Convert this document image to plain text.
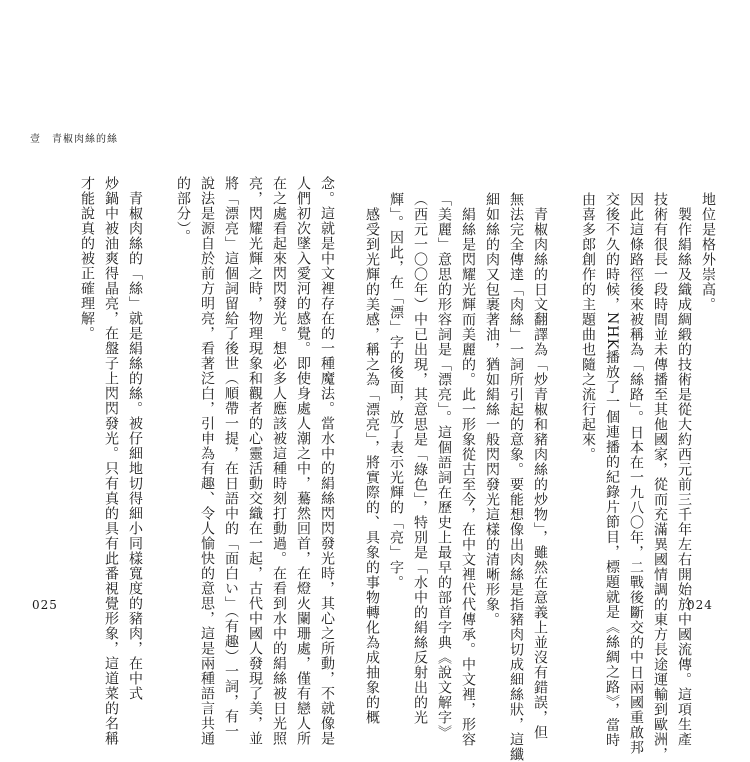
壹　青椒肉絲的絲
念。這就是中文裡存在的一種魔法。當水中的絹絲閃閃發光時，其心之所動，不就像是
人們初次墜入愛河的感覺。即使身處人潮之中，驀然回首，在燈火闌珊處，僅有戀人所
在之處看起來閃閃發光。想必多人應該被這種時刻打動過。在看到水中的絹絲被日光照
亮，閃耀光輝之時，物理現象和觀者的心靈活動交織在一起，古代中國人發現了美，並
將「漂亮」這個詞留給了後世（順帶一提，在日語中的「面白い」（有趣）一詞，有一
說法是源自於前方明亮，看著泛白，引申為有趣、令人愉快的意思，這是兩種語言共通
的部分）。
　青椒肉絲的「絲」就是絹絲的絲。被仔細地切得細小同樣寬度的豬肉，在中式
炒鍋中被油爽得晶亮，在盤子上閃閃發光。只有真的具有此番視覺形象，這道菜的名稱
才能說真的被正確理解。
025
地位是格外崇高。
　製作絹絲及織成綢緞的技術是從大約西元前三千年左右開始於中國流傳。這項生產
技術有很長一段時間並未傳播至其他國家，從而充滿異國情調的東方長途運輸到歐洲，
因此這條路徑後來被稱為「絲路」。日本在一九八〇年，二戰後斷交的中日兩國重啟邦
交後不久的時候，NHK播放了一個連播的紀錄片節目，標題就是《絲綢之路》，當時
由喜多郎創作的主題曲也隨之流行起來。
　青椒肉絲的日文翻譯為「炒青椒和豬肉絲的炒物」，雖然在意義上並沒有錯誤，但
無法完全傳達「肉絲」一詞所引起的意象。要能想像出肉絲是指豬肉切成細絲狀，這纖
細如絲的肉又包裹著油，猶如絹絲一般閃閃發光這樣的清晰形象。
　絹絲是閃耀光輝而美麗的。此一形象從古至今，在中文裡代代傳承。中文裡，形容
「美麗」意思的形容詞是「漂亮」。這個語詞在歷史上最早的部首字典《說文解字》
（西元一〇〇年）中已出現，其意思是「綠色」，特別是「水中的絹絲反射出的光
輝」。因此，在「漂」字的後面，放了表示光輝的「亮」字。
　感受到光輝的美感，稱之為「漂亮」，將實際的、具象的事物轉化為成抽象的概	024
